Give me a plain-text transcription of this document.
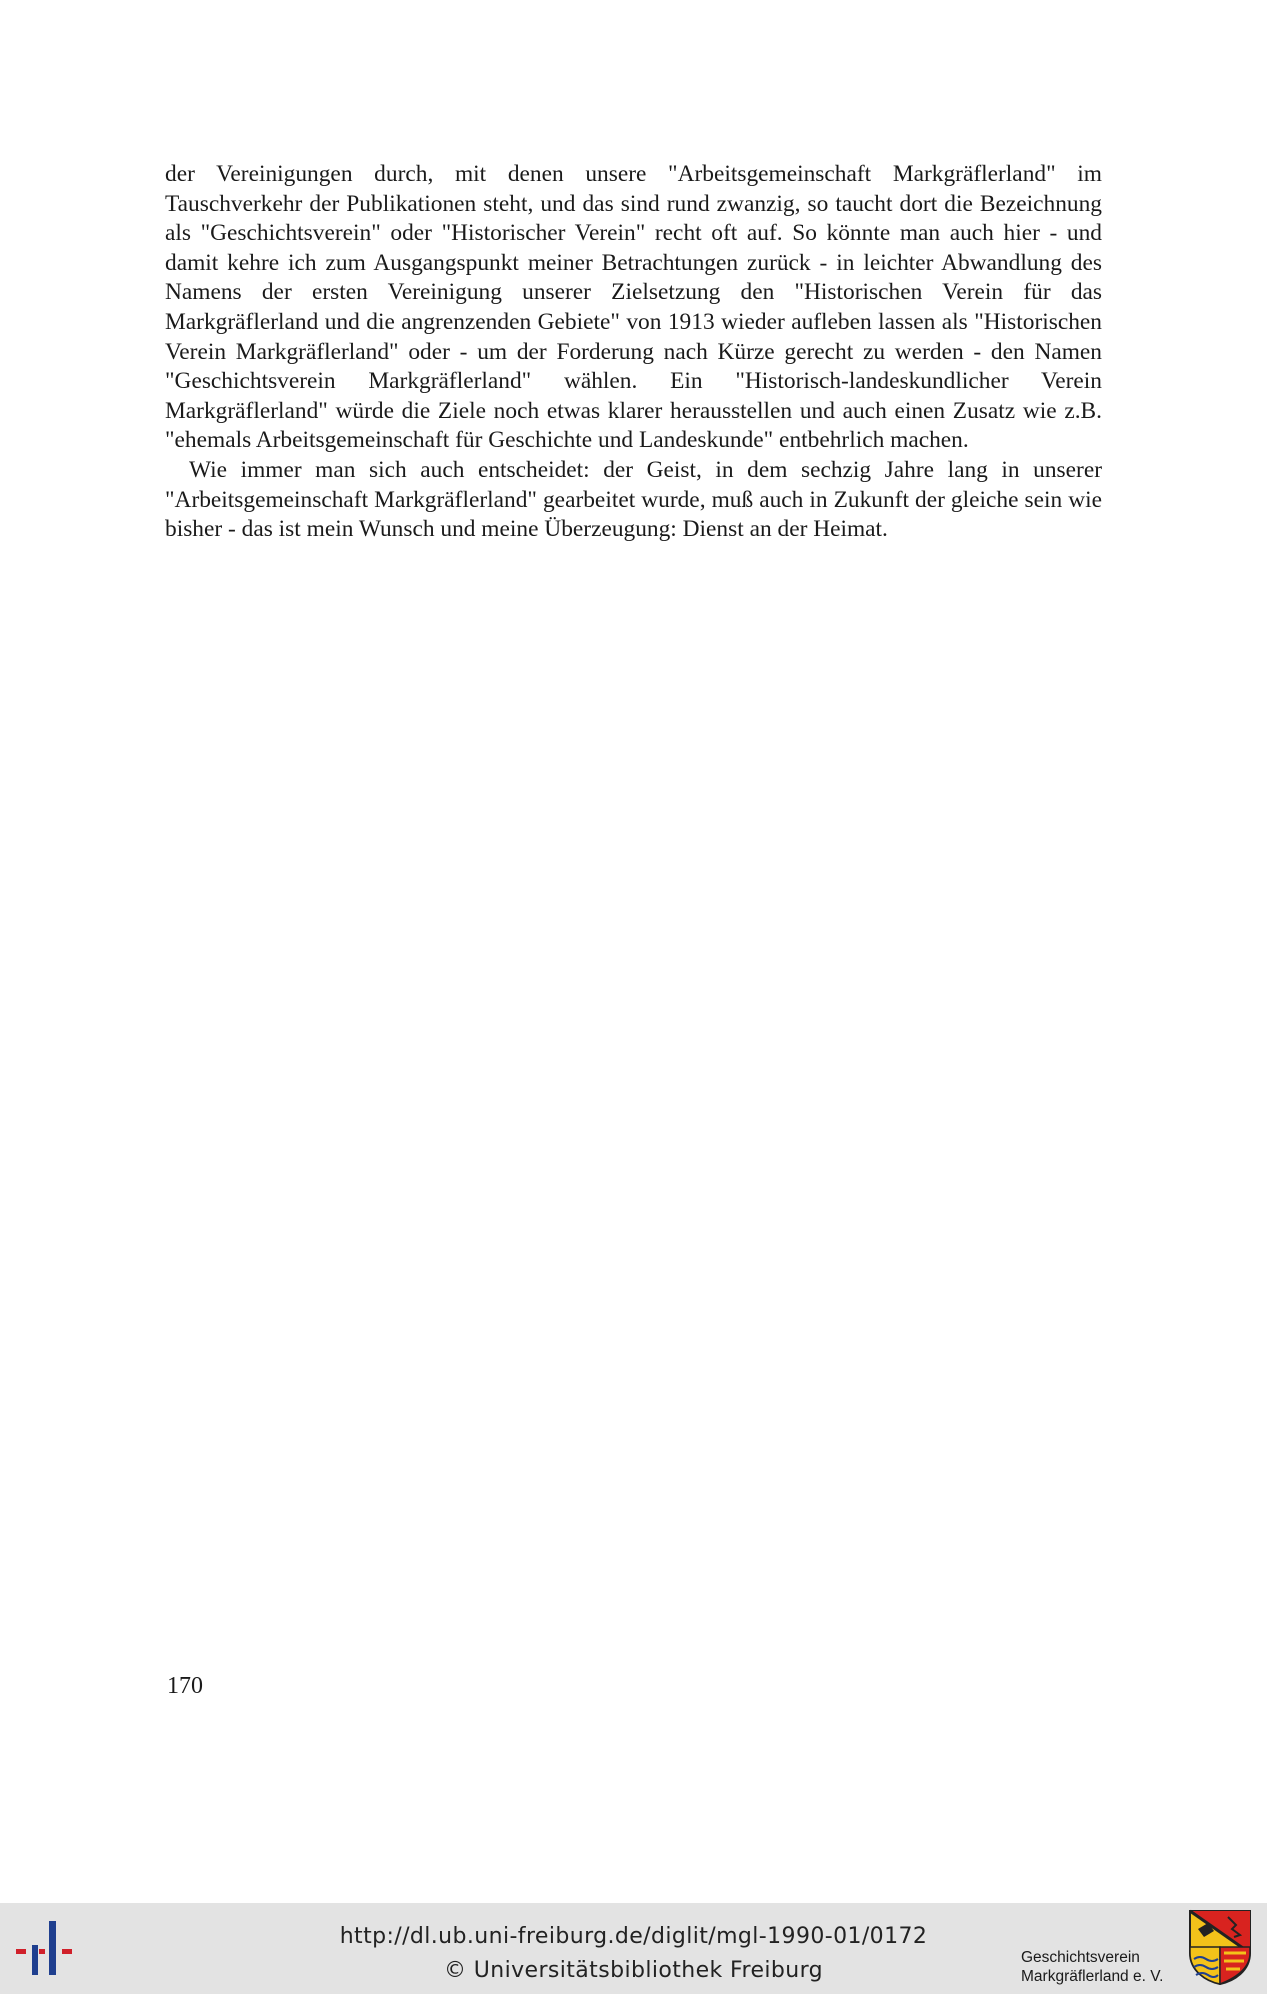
der Vereinigungen durch, mit denen unsere "Arbeitsgemeinschaft Markgräflerland" im Tauschverkehr der Publikationen steht, und das sind rund zwanzig, so taucht dort die Bezeichnung als "Geschichtsverein" oder "Historischer Verein" recht oft auf. So könnte man auch hier - und damit kehre ich zum Ausgangspunkt meiner Betrachtungen zurück - in leichter Abwandlung des Namens der ersten Vereinigung unserer Zielsetzung den "Historischen Verein für das Markgräflerland und die angrenzenden Gebiete" von 1913 wieder aufleben lassen als "Historischen Verein Markgräflerland" oder - um der Forderung nach Kürze gerecht zu werden - den Namen "Geschichtsverein Markgräflerland" wählen. Ein "Historisch-landeskundlicher Verein Markgräflerland" würde die Ziele noch etwas klarer herausstellen und auch einen Zusatz wie z.B. "ehemals Arbeitsgemeinschaft für Geschichte und Landeskunde" entbehrlich machen.

Wie immer man sich auch entscheidet: der Geist, in dem sechzig Jahre lang in unserer "Arbeitsgemeinschaft Markgräflerland" gearbeitet wurde, muß auch in Zukunft der gleiche sein wie bisher - das ist mein Wunsch und meine Überzeugung: Dienst an der Heimat.

170
http://dl.ub.uni-freiburg.de/diglit/mgl-1990-01/0172
© Universitätsbibliothek Freiburg
Geschichtsverein
Markgräflerland e. V.
